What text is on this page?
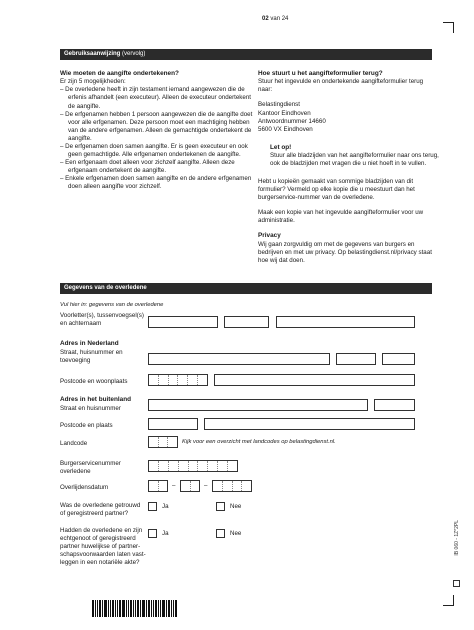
02 van 24
Gebruiksaanwijzing (vervolg)

Wie moeten de aangifte ondertekenen?

Er zijn 5 mogelijkheden:

– De overledene heeft in zijn testament iemand aangewezen die de erfenis afhandelt (een executeur). Alleen de executeur ondertekent de aangifte.

– De erfgenamen hebben 1 persoon aangewezen die de aangifte doet voor alle erfgenamen. Deze persoon moet een machtiging hebben van de andere erfgenamen. Alleen de gemachtigde ondertekent de aangifte.

– De erfgenamen doen samen aangifte. Er is geen executeur en ook geen gemachtigde. Alle erfgenamen ondertekenen de aangifte.

– Een erfgenaam doet alleen voor zichzelf aangifte. Alleen deze erfgenaam ondertekent de aangifte.

– Enkele erfgenamen doen samen aangifte en de andere erfgenamen doen alleen aangifte voor zichzelf.

Hoe stuurt u het aangifteformulier terug?

Stuur het ingevulde en ondertekende aangifteformulier terug naar:

Belastingdienst

Kantoor Eindhoven

Antwoordnummer 14660

5600 VX Eindhoven

Let op!

Stuur alle bladzijden van het aangifteformulier naar ons terug, ook de bladzijden met vragen die u niet hoeft in te vullen.

Hebt u kopieën gemaakt van sommige bladzijden van dit formulier? Vermeld op elke kopie die u meestuurt dan het burgerservice-nummer van de overledene.

Maak een kopie van het ingevulde aangifteformulier voor uw administratie.

Privacy

Wij gaan zorgvuldig om met de gegevens van burgers en bedrijven en met uw privacy. Op belastingdienst.nl/privacy staat hoe wij dat doen.

Gegevens van de overledene
Vul hier in: gegevens van de overledene
Voorletter(s), tussenvoegsel(s) en achternaam
Adres in Nederland
Straat, huisnummer en toevoeging
Postcode en woonplaats
Adres in het buitenland
Straat en huisnummer
Postcode en plaats
Landcode	Kijk voor een overzicht met landcodes op belastingdienst.nl.
Burgerservicenummer overledene
Overlijdensdatum	–	–
Was de overledene getrouwd of geregistreerd partner?
Ja	Nee
Hadden de overledene en zijn echtgenoot of geregistreerd partner huwelijkse of partner-schapsvoorwaarden laten vast-leggen in een notariële akte?
Ja	Nee	IB 060 - 1Z*2PL
